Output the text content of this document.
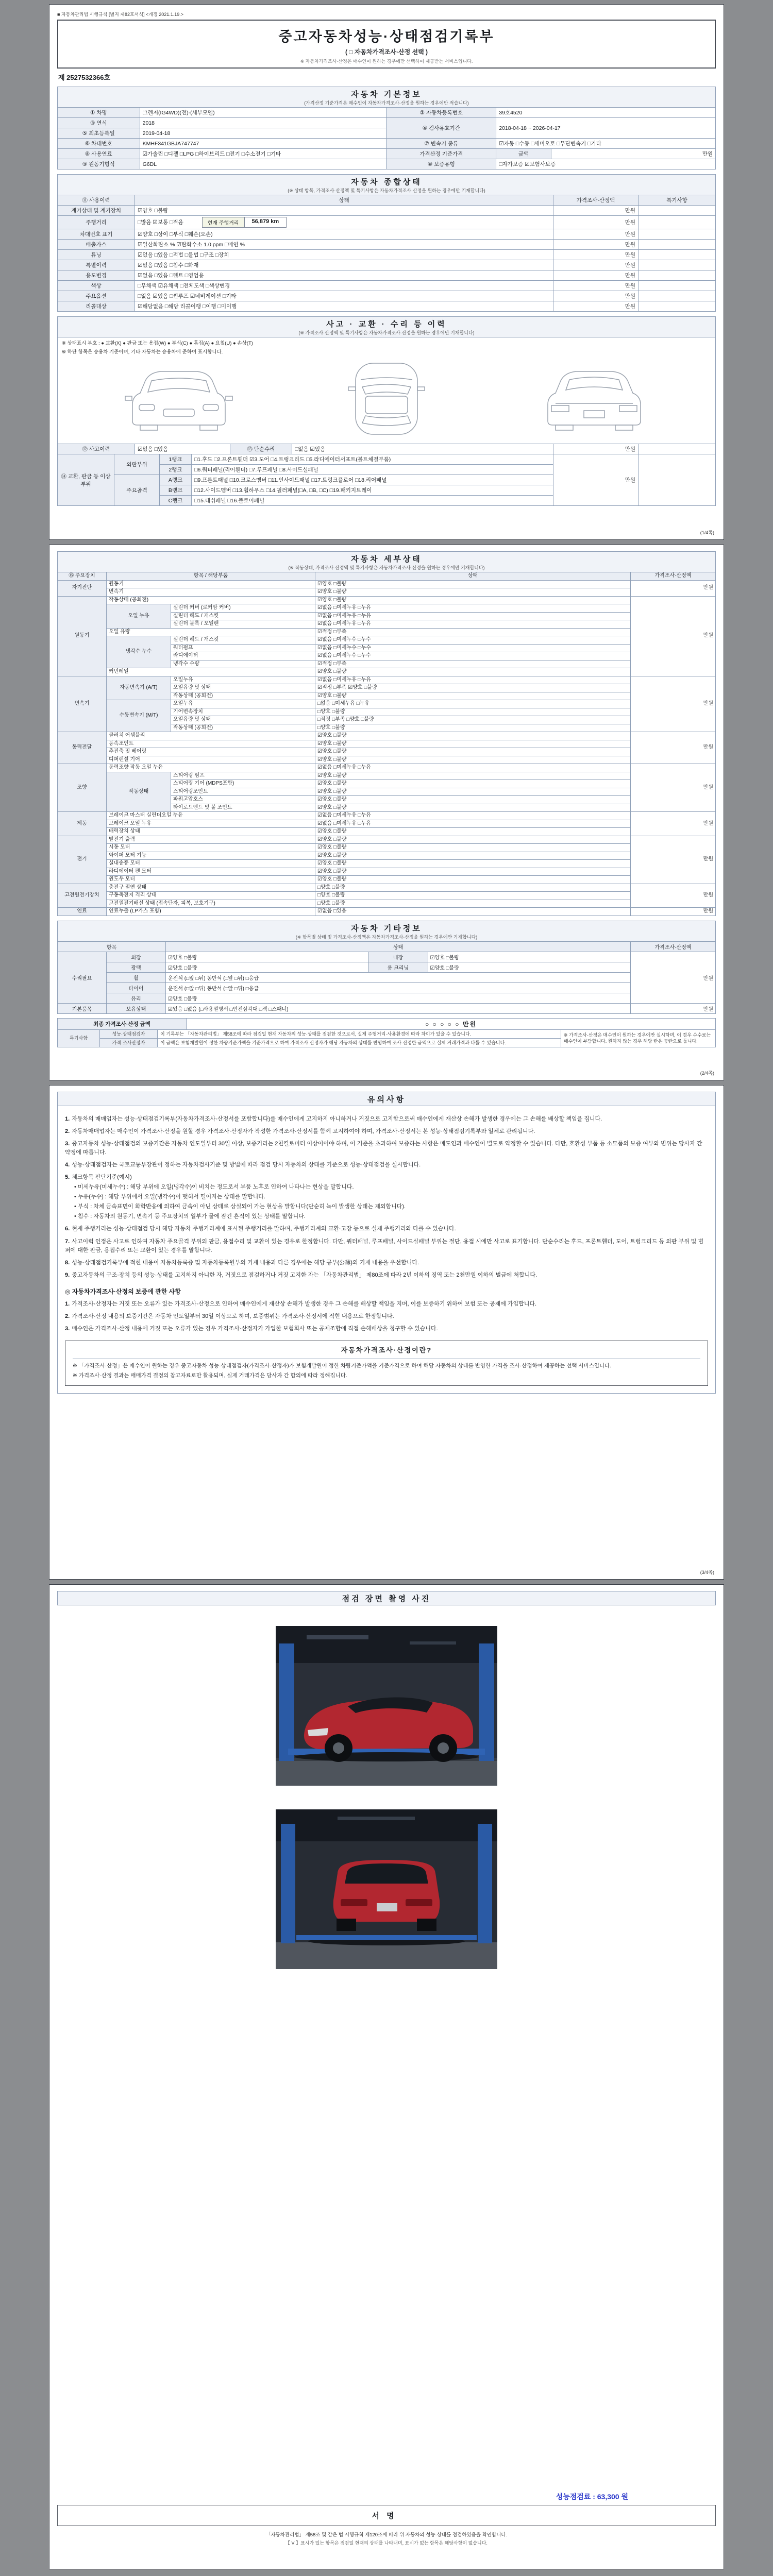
■ 자동차관리법 시행규칙 [별지 제82호서식] <개정 2021.1.19.>
중고자동차성능·상태점검기록부
( □ 자동차가격조사·산정 선택 )
※ 자동차가격조사·산정은 매수인이 원하는 경우에만 선택하여 제공받는 서비스입니다.
제 2527532366호
자동차 기본정보
(가격산정 기준가격은 매수인이 자동차가격조사·산정을 원하는 경우에만 적습니다)
① 차명	그렌저(IG4WD)(전)-(세부모델)	② 자동차등록번호	39호4520	
③ 연식	2018	④ 검사유효기간	2018-04-18 ~ 2026-04-17	
⑤ 최초등록일	2019-04-18			
⑥ 차대번호	KMHF341GBJA747747	⑦ 변속기 종류	☑자동 □수동 □세미오토 □무단변속기 □기타	
⑧ 사용연료	☑가솔린 □디젤 □LPG □하이브리드 □전기 □수소전기 □기타	가격산정 기준가격	금액	만원
⑨ 원동기형식	G6DL	⑩ 보증유형	□자가보증 ☑보험사보증	
자동차 종합상태
(※ 상태 항목, 가격조사·산정액 및 특기사항은 자동차가격조사·산정을 원하는 경우에만 기재합니다)
⑪ 사용이력	상태	가격조사·산정액	특기사항
계기상태 및 계기장치	☑양호 □불량	만원	
주행거리	□많음 ☑보통 □적음 현재 주행거리 56,879 km	만원	
차대번호 표기	☑양호 □상이 □부식 □훼손(오손)	만원	
배출가스	☑일산화탄소 % ☑탄화수소 1.0 ppm □매연 %	만원	
튜닝	☑없음 □있음 □적법 □불법 □구조 □장치	만원	
특별이력	☑없음 □있음 □침수 □화재	만원	
용도변경	☑없음 □있음 □렌트 □영업용	만원	
색상	□무채색 ☑유채색 □전체도색 □색상변경	만원	
주요옵션	□없음 ☑있음 □썬루프 ☑네비게이션 □기타	만원	
리콜대상	☑해당없음 □해당 리콜이행 □이행 □미이행	만원	
사고 · 교환 · 수리 등 이력
(※ 가격조사·산정액 및 특기사항은 자동차가격조사·산정을 원하는 경우에만 기재합니다)
※ 상태표시 부호 : ● 교환(X) ● 판금 또는 용접(W) ● 부식(C) ● 흠집(A) ● 요철(U) ● 손상(T)
※ 하단 항목은 승용차 기준이며, 기타 자동차는 승용차에 준하여 표시합니다.
⑫ 사고이력	☑없음 □있음	⑬ 단순수리	□없음 ☑있음	만원	
⑭ 교환, 판금 등 이상 부위	외판부위	1랭크	□1.후드 □2.프론트휀더 ☑3.도어 □4.트렁크리드 □5.라디에이터서포트(볼트체결부품)	만원	
		2랭크	□6.쿼터패널(리어휀더) □7.루프패널 □8.사이드실패널		
	주요골격	A랭크	□9.프론트패널 □10.크로스멤버 □11.인사이드패널 □17.트렁크플로어 □18.리어패널		
		B랭크	□12.사이드멤버 □13.휠하우스 □14.필러패널(□A, □B, □C) □19.패키지트레이		
		C랭크	□15.대쉬패널 □16.플로어패널		
(1/4쪽)
자동차 세부상태
(※ 작동상태, 가격조사·산정액 및 특기사항은 자동차가격조사·산정을 원하는 경우에만 기재합니다)
⑮ 주요장치	항목 / 해당부품		상태	가격조사·산정액
자기진단	원동기		☑양호 □불량	만원
	변속기		☑양호 □불량	
원동기	작동상태 (공회전)		☑양호 □불량	만원
	오일 누유	실린더 커버 (로커암 커버)	☑없음 □미세누유 □누유	
		실린더 헤드 / 개스킷	☑없음 □미세누유 □누유	
		실린더 블록 / 오일팬	☑없음 □미세누유 □누유	
	오일 유량		☑적정 □부족	
	냉각수 누수	실린더 헤드 / 개스킷	☑없음 □미세누수 □누수	
		워터펌프	☑없음 □미세누수 □누수	
		라디에이터	☑없음 □미세누수 □누수	
		냉각수 수량	☑적정 □부족	
	커먼레일		☑양호 □불량	
변속기	자동변속기 (A/T)	오일누유	☑없음 □미세누유 □누유	만원
		오일유량 및 상태	☑적정 □부족 ☑양호 □불량	
		작동상태 (공회전)	☑양호 □불량	
	수동변속기 (M/T)	오일누유	□없음 □미세누유 □누유	
		기어변속장치	□양호 □불량	
		오일유량 및 상태	□적정 □부족 □양호 □불량	
		작동상태 (공회전)	□양호 □불량	
동력전달	클러치 어셈블리		☑양호 □불량	만원
	등속조인트		☑양호 □불량	
	추진축 및 베어링		☑양호 □불량	
	디퍼렌셜 기어		☑양호 □불량	
조향	동력조향 작동 오일 누유		☑없음 □미세누유 □누유	만원
	작동상태	스티어링 펌프	☑양호 □불량	
		스티어링 기어 (MDPS포함)	☑양호 □불량	
		스티어링조인트	☑양호 □불량	
		파워고압호스	☑양호 □불량	
		타이로드엔드 및 볼 조인트	☑양호 □불량	
제동	브레이크 마스터 실린더오일 누유		☑없음 □미세누유 □누유	만원
	브레이크 오일 누유		☑없음 □미세누유 □누유	
	배력장치 상태		☑양호 □불량	
전기	발전기 출력		☑양호 □불량	만원
	시동 모터		☑양호 □불량	
	와이퍼 모터 기능		☑양호 □불량	
	실내송풍 모터		☑양호 □불량	
	라디에이터 팬 모터		☑양호 □불량	
	윈도우 모터		☑양호 □불량	
고전원전기장치	충전구 절연 상태		□양호 □불량	만원
	구동축전지 격리 상태		□양호 □불량	
	고전원전기배선 상태 (접속단자, 피복, 보호기구)		□양호 □불량	
연료	연료누출 (LP가스 포함)		☑없음 □있음	만원
자동차 기타정보
(※ 항목별 상태 및 가격조사·산정액은 자동차가격조사·산정을 원하는 경우에만 기재합니다)
항목		상태			가격조사·산정액
수리필요	외장	☑양호 □불량	내장	☑양호 □불량	만원
	광택	☑양호 □불량	룸 크리닝	☑양호 □불량	
	휠	운전석 (□앞 □뒤) 동반석 (□앞 □뒤) □응급			
	타이어	운전석 (□앞 □뒤) 동반석 (□앞 □뒤) □응급			
	유리	☑양호 □불량			
기본품목	보유상태	☑있음 □없음 (□사용설명서 □안전삼각대 □잭 □스패너)			만원
최종 가격조사·산정 금액	○ ○ ○ ○ ○ 만원
특기사항	성능·상태점검자	이 기록부는 「자동차관리법」 제58조에 따라 점검일 현재 자동차의 성능·상태를 점검한 것으로서, 실제 주행거리·사용환경에 따라 차이가 있을 수 있습니다.	※ 가격조사·산정은 매수인이 원하는 경우에만 실시하며, 이 경우 수수료는 매수인이 부담합니다. 원하지 않는 경우 해당 란은 공란으로 둡니다.
	가격·조사산정자	이 금액은 보험개발원이 정한 차량기준가액을 기준가격으로 하여 가격조사·산정자가 해당 자동차의 상태를 반영하여 조사·산정한 금액으로 실제 거래가격과 다를 수 있습니다.	
(2/4쪽)
유의사항
1. 자동차의 매매업자는 성능·상태점검기록부(자동차가격조사·산정서를 포함합니다)를 매수인에게 고지하지 아니하거나 거짓으로 고지함으로써 매수인에게 재산상 손해가 발생한 경우에는 그 손해를 배상할 책임을 집니다.
2. 자동차매매업자는 매수인이 가격조사·산정을 원할 경우 가격조사·산정자가 작성한 가격조사·산정서를 함께 고지하여야 하며, 가격조사·산정서는 본 성능·상태점검기록부와 일체로 관리됩니다.
3. 중고자동차 성능·상태점검의 보증기간은 자동차 인도일부터 30일 이상, 보증거리는 2천킬로미터 이상이어야 하며, 이 기준을 초과하여 보증하는 사항은 매도인과 매수인이 별도로 약정할 수 있습니다. 다만, 호환성 부품 등 소모품의 보증 여부와 범위는 당사자 간 약정에 따릅니다.
4. 성능·상태점검자는 국토교통부장관이 정하는 자동차검사기준 및 방법에 따라 점검 당시 자동차의 상태를 기준으로 성능·상태점검을 실시합니다.
5. 체크항목 판단기준(예시)
• 미세누유(미세누수) : 해당 부위에 오일(냉각수)이 비치는 정도로서 부품 노후로 인하여 나타나는 현상을 말합니다.
• 누유(누수) : 해당 부위에서 오일(냉각수)이 맺혀서 떨어지는 상태를 말합니다.
• 부식 : 차체 금속표면이 화학반응에 의하여 금속이 아닌 상태로 상실되어 가는 현상을 말합니다(단순히 녹이 발생한 상태는 제외합니다).
• 침수 : 자동차의 원동기, 변속기 등 주요장치의 일부가 물에 잠긴 흔적이 있는 상태를 말합니다.
6. 현재 주행거리는 성능·상태점검 당시 해당 자동차 주행거리계에 표시된 주행거리를 말하며, 주행거리계의 교환·고장 등으로 실제 주행거리와 다를 수 있습니다.
7. 사고이력 인정은 사고로 인하여 자동차 주요골격 부위의 판금, 용접수리 및 교환이 있는 경우로 한정합니다. 다만, 쿼터패널, 루프패널, 사이드실패널 부위는 절단, 용접 시에만 사고로 표기합니다. 단순수리는 후드, 프론트휀더, 도어, 트렁크리드 등 외판 부위 및 범퍼에 대한 판금, 용접수리 또는 교환이 있는 경우를 말합니다.
8. 성능·상태점검기록부에 적힌 내용이 자동차등록증 및 자동차등록원부의 기재 내용과 다른 경우에는 해당 공부(公簿)의 기재 내용을 우선합니다.
9. 중고자동차의 구조·장치 등의 성능·상태를 고지하지 아니한 자, 거짓으로 점검하거나 거짓 고지한 자는 「자동차관리법」 제80조에 따라 2년 이하의 징역 또는 2천만원 이하의 벌금에 처합니다.
◎ 자동차가격조사·산정의 보증에 관한 사항
1. 가격조사·산정자는 거짓 또는 오류가 있는 가격조사·산정으로 인하여 매수인에게 재산상 손해가 발생한 경우 그 손해를 배상할 책임을 지며, 이를 보증하기 위하여 보험 또는 공제에 가입합니다.
2. 가격조사·산정 내용의 보증기간은 자동차 인도일부터 30일 이상으로 하며, 보증범위는 가격조사·산정서에 적힌 내용으로 한정합니다.
3. 매수인은 가격조사·산정 내용에 거짓 또는 오류가 있는 경우 가격조사·산정자가 가입한 보험회사 또는 공제조합에 직접 손해배상을 청구할 수 있습니다.
자동차가격조사·산정이란?
※ 「가격조사·산정」은 매수인이 원하는 경우 중고자동차 성능·상태점검자(가격조사·산정자)가 보험개발원이 정한 차량기준가액을 기준가격으로 하여 해당 자동차의 상태를 반영한 가격을 조사·산정하여 제공하는 선택 서비스입니다.
※ 가격조사·산정 결과는 매매가격 결정의 참고자료로만 활용되며, 실제 거래가격은 당사자 간 합의에 따라 정해집니다.
(3/4쪽)
점검 장면 촬영 사진
성능점검료 : 63,300 원
서명
「자동차관리법」 제58조 및 같은 법 시행규칙 제120조에 따라 위 자동차의 성능·상태를 점검하였음을 확인합니다.
【 V 】표시가 있는 항목은 점검일 현재의 상태를 나타내며, 표시가 없는 항목은 해당사항이 없습니다.
